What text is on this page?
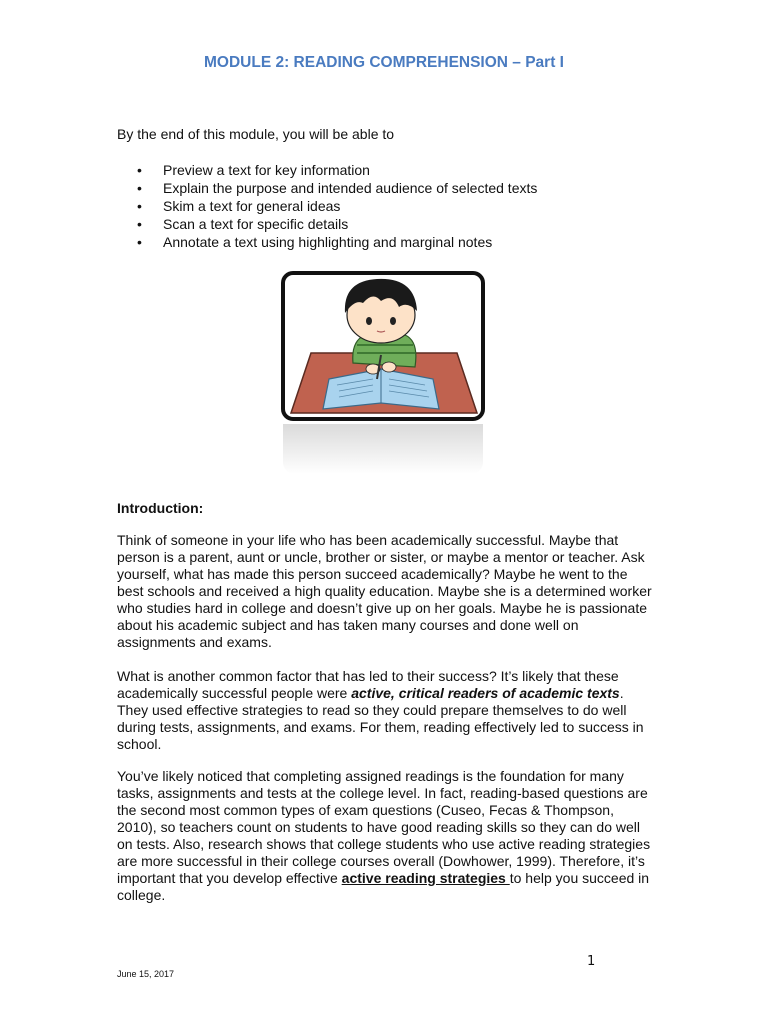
MODULE 2: READING COMPREHENSION – Part I
By the end of this module, you will be able to
• Preview a text for key information
• Explain the purpose and intended audience of selected texts
• Skim a text for general ideas
• Scan a text for specific details
• Annotate a text using highlighting and marginal notes
Introduction:

Think of someone in your life who has been academically successful. Maybe that person is a parent, aunt or uncle, brother or sister, or maybe a mentor or teacher. Ask yourself, what has made this person succeed academically? Maybe he went to the best schools and received a high quality education. Maybe she is a determined worker who studies hard in college and doesn’t give up on her goals. Maybe he is passionate about his academic subject and has taken many courses and done well on assignments and exams.

What is another common factor that has led to their success? It’s likely that these academically successful people were active, critical readers of academic texts. They used effective strategies to read so they could prepare themselves to do well during tests, assignments, and exams. For them, reading effectively led to success in school.

You’ve likely noticed that completing assigned readings is the foundation for many tasks, assignments and tests at the college level. In fact, reading-based questions are the second most common types of exam questions (Cuseo, Fecas & Thompson, 2010), so teachers count on students to have good reading skills so they can do well on tests. Also, research shows that college students who use active reading strategies are more successful in their college courses overall (Dowhower, 1999). Therefore, it’s important that you develop effective active reading strategies to help you succeed in college.

1
June 15, 2017
